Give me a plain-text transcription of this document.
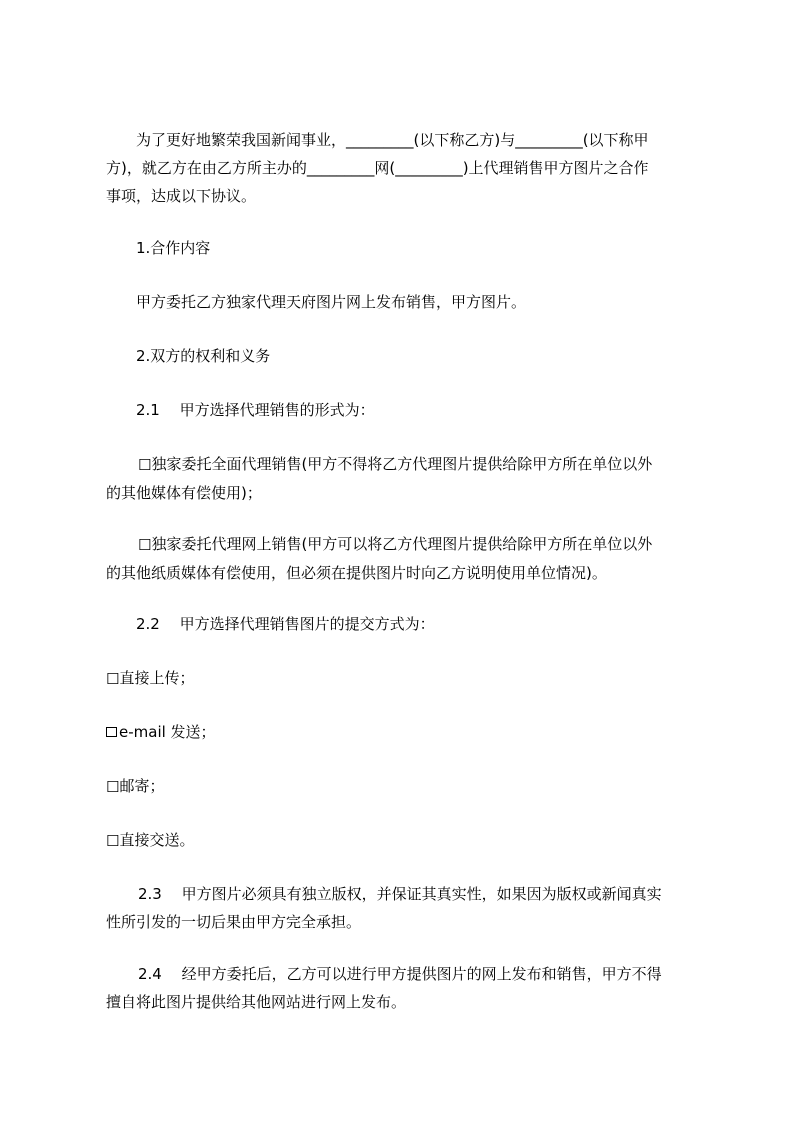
为了更好地繁荣我国新闻事业，_________(以下称乙方)与_________(以下称甲
方)，就乙方在由乙方所主办的_________网(_________)上代理销售甲方图片之合作
事项，达成以下协议。
1.合作内容
甲方委托乙方独家代理天府图片网上发布销售，甲方图片。
2.双方的权利和义务
2.1　 甲方选择代理销售的形式为：
☐独家委托全面代理销售(甲方不得将乙方代理图片提供给除甲方所在单位以外
的其他媒体有偿使用)；
☐独家委托代理网上销售(甲方可以将乙方代理图片提供给除甲方所在单位以外
的其他纸质媒体有偿使用，但必须在提供图片时向乙方说明使用单位情况)。
2.2　 甲方选择代理销售图片的提交方式为：
☐直接上传；
e-mail 发送；
☐邮寄；
☐直接交送。
2.3　 甲方图片必须具有独立版权，并保证其真实性，如果因为版权或新闻真实
性所引发的一切后果由甲方完全承担。
2.4　 经甲方委托后，乙方可以进行甲方提供图片的网上发布和销售，甲方不得
擅自将此图片提供给其他网站进行网上发布。
